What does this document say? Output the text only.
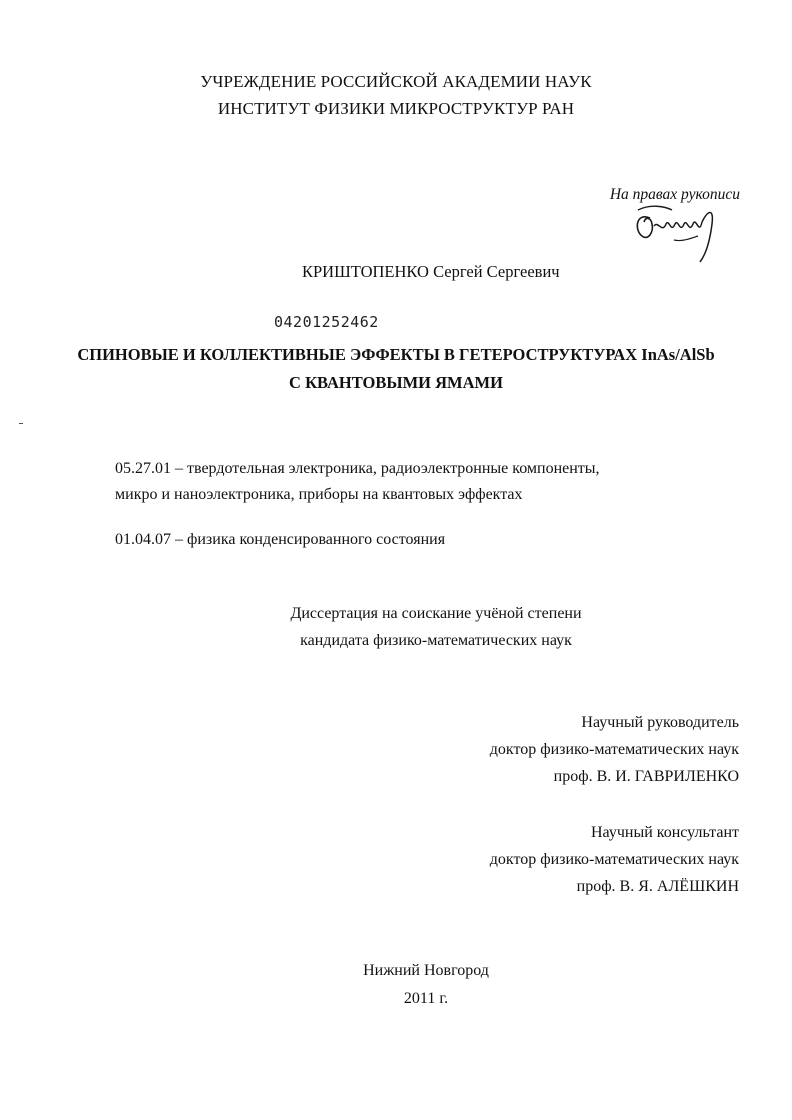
УЧРЕЖДЕНИЕ РОССИЙСКОЙ АКАДЕМИИ НАУК
ИНСТИТУТ ФИЗИКИ МИКРОСТРУКТУР РАН
На правах рукописи
КРИШТОПЕНКО Сергей Сергеевич
04201252462
СПИНОВЫЕ И КОЛЛЕКТИВНЫЕ ЭФФЕКТЫ В ГЕТЕРОСТРУКТУРАХ InAs/AlSb
С КВАНТОВЫМИ ЯМАМИ
05.27.01 – твердотельная электроника, радиоэлектронные компоненты,
микро и наноэлектроника, приборы на квантовых эффектах
01.04.07 – физика конденсированного состояния
Диссертация на соискание учёной степени
кандидата физико-математических наук
Научный руководитель
доктор физико-математических наук
проф. В. И. ГАВРИЛЕНКО
Научный консультант
доктор физико-математических наук
проф. В. Я. АЛЁШКИН
Нижний Новгород
2011 г.
